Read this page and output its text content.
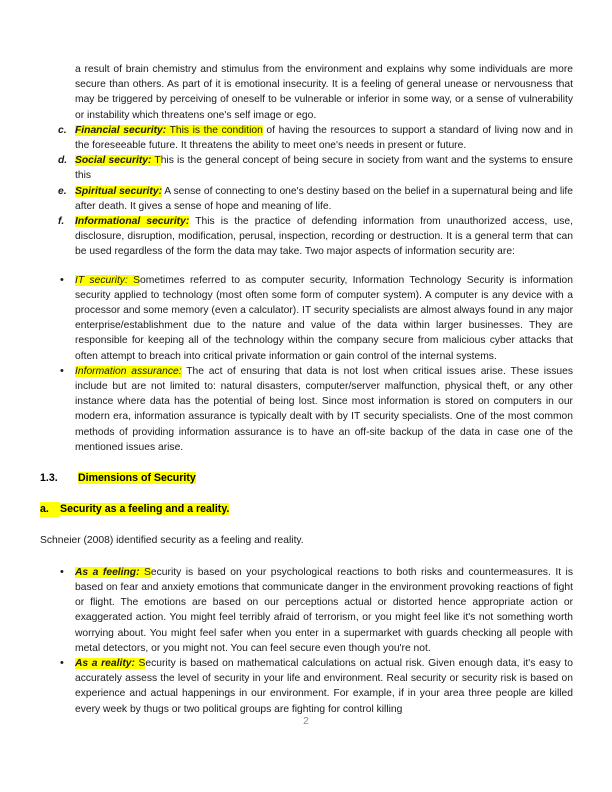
a result of brain chemistry and stimulus from the environment and explains why some individuals are more secure than others. As part of it is emotional insecurity. It is a feeling of general unease or nervousness that may be triggered by perceiving of oneself to be vulnerable or inferior in some way, or a sense of vulnerability or instability which threatens one's self image or ego.
c. Financial security: This is the condition of having the resources to support a standard of living now and in the foreseeable future. It threatens the ability to meet one's needs in present or future.
d. Social security: This is the general concept of being secure in society from want and the systems to ensure this
e. Spiritual security: A sense of connecting to one's destiny based on the belief in a supernatural being and life after death. It gives a sense of hope and meaning of life.
f.	Informational security: This is the practice of defending information from unauthorized access, use, disclosure, disruption, modification, perusal, inspection, recording or destruction. It is a general term that can be used regardless of the form the data may take. Two major aspects of information security are:
• IT security: Sometimes referred to as computer security, Information Technology Security is information security applied to technology (most often some form of computer system). A computer is any device with a processor and some memory (even a calculator). IT security specialists are almost always found in any major enterprise/establishment due to the nature and value of the data within larger businesses. They are responsible for keeping all of the technology within the company secure from malicious cyber attacks that often attempt to breach into critical private information or gain control of the internal systems.
• Information assurance: The act of ensuring that data is not lost when critical issues arise. These issues include but are not limited to: natural disasters, computer/server malfunction, physical theft, or any other instance where data has the potential of being lost. Since most information is stored on computers in our modern era, information assurance is typically dealt with by IT security specialists. One of the most common methods of providing information assurance is to have an off-site backup of the data in case one of the mentioned issues arise.
1.3. Dimensions of Security
a. Security as a feeling and a reality.
Schneier (2008) identified security as a feeling and reality.
• As a feeling: Security is based on your psychological reactions to both risks and countermeasures. It is based on fear and anxiety emotions that communicate danger in the environment provoking reactions of fight or flight. The emotions are based on our perceptions actual or distorted hence appropriate action or exaggerated action. You might feel terribly afraid of terrorism, or you might feel like it's not something worth worrying about. You might feel safer when you enter in a supermarket with guards checking all people with metal detectors, or you might not. You can feel secure even though you're not.
• As a reality: Security is based on mathematical calculations on actual risk. Given enough data, it's easy to accurately assess the level of security in your life and environment. Real security or security risk is based on experience and actual happenings in our environment. For example, if in your area three people are killed every week by thugs or two political groups are fighting for control killing
2
